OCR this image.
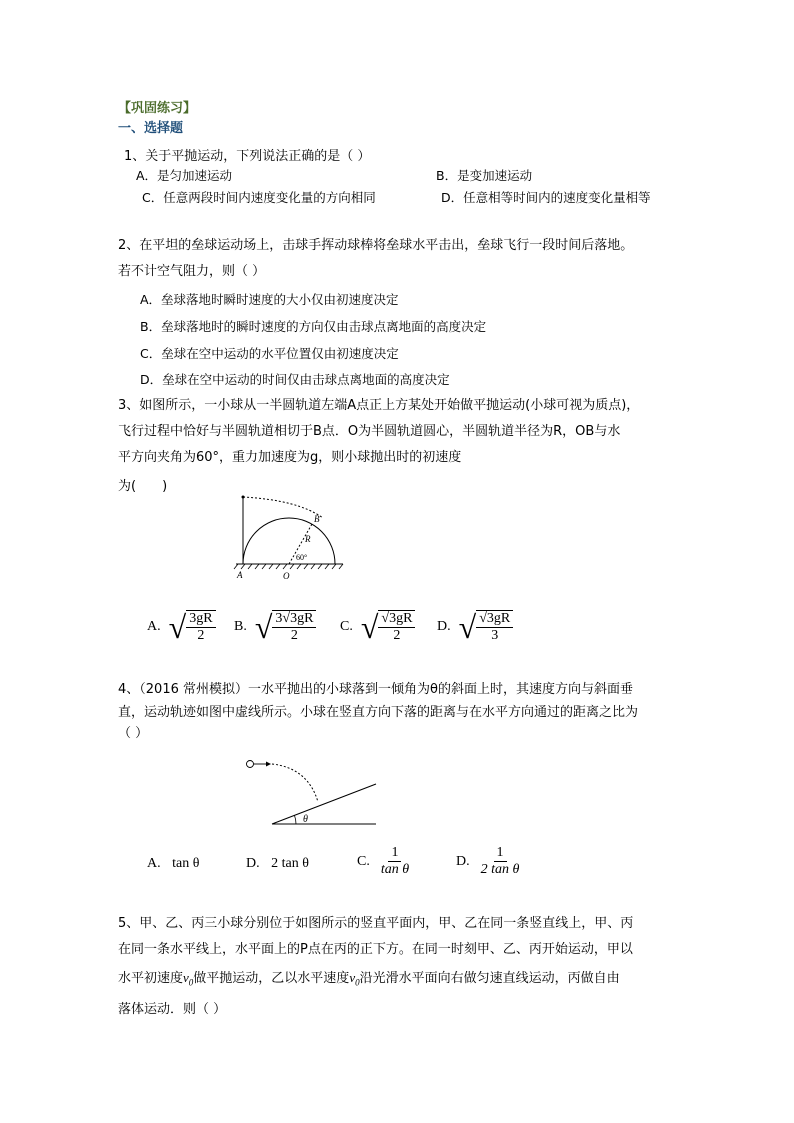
【巩固练习】
一、选择题
1、关于平抛运动，下列说法正确的是（ ）
A．是匀加速运动	B．是变加速运动
C．任意两段时间内速度变化量的方向相同	D．任意相等时间内的速度变化量相等
2、在平坦的垒球运动场上，击球手挥动球棒将垒球水平击出，垒球飞行一段时间后落地。
若不计空气阻力，则（ ）
A．垒球落地时瞬时速度的大小仅由初速度决定
B．垒球落地时的瞬时速度的方向仅由击球点离地面的高度决定
C．垒球在空中运动的水平位置仅由初速度决定
D．垒球在空中运动的时间仅由击球点离地面的高度决定
3、如图所示，一小球从一半圆轨道左端A点正上方某处开始做平抛运动(小球可视为质点)，
飞行过程中恰好与半圆轨道相切于B点．O为半圆轨道圆心，半圆轨道半径为R，OB与水
平方向夹角为60°，重力加速度为g，则小球抛出时的初速度
为(　　)
A	O
B
R
60°
A. √ $\frac{3gR}{2} B$. √ $\frac{3√3gR}{2} C$. √ $\frac{√3gR}{2} D$. √ $\frac{√3gR}{3}$
4、（2016 常州模拟）一水平抛出的小球落到一倾角为θ的斜面上时，其速度方向与斜面垂
直，运动轨迹如图中虚线所示。小球在竖直方向下落的距离与在水平方向通过的距离之比为
（ ）
θ
A. tan θ	D. 2 tan θ	C. $\frac{1}{\text{tan θ}}$	D. $\frac{1}{\text{2 tan θ}}$
5、甲、乙、丙三小球分别位于如图所示的竖直平面内，甲、乙在同一条竖直线上，甲、丙
在同一条水平线上，水平面上的P点在丙的正下方。在同一时刻甲、乙、丙开始运动，甲以
水平初速度$v_0$做平抛运动，乙以水平速度$v_0$沿光滑水平面向右做匀速直线运动，丙做自由
落体运动．则（ ）
